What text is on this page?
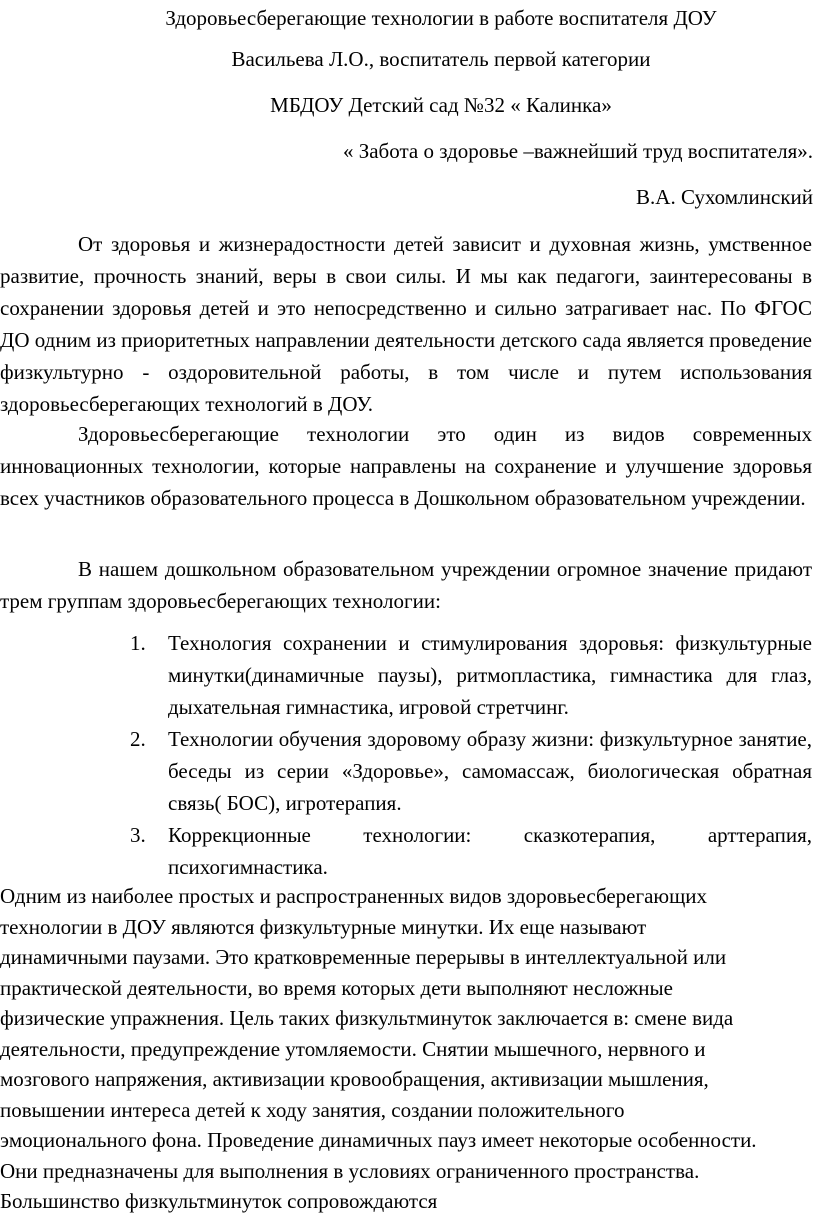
Здоровьесберегающие технологии в работе воспитателя ДОУ
Васильева Л.О., воспитатель первой категории
МБДОУ Детский сад №32 « Калинка»
« Забота о здоровье –важнейший труд воспитателя».
В.А. Сухомлинский

От здоровья и жизнерадостности детей зависит и духовная жизнь, умственное развитие, прочность знаний, веры в свои силы. И мы как педагоги, заинтересованы в сохранении здоровья детей и это непосредственно и сильно затрагивает нас. По ФГОС ДО одним из приоритетных направлении деятельности детского сада является проведение физкультурно - оздоровительной работы, в том числе и путем использования здоровьесберегающих технологий в ДОУ.

Здоровьесберегающие технологии это один из видов современных инновационных технологии, которые направлены на сохранение и улучшение здоровья всех участников образовательного процесса в Дошкольном образовательном учреждении.

В нашем дошкольном образовательном учреждении огромное значение придают трем группам здоровьесберегающих технологии:

1. Технология сохранении и стимулирования здоровья: физкультурные минутки(динамичные паузы), ритмопластика, гимнастика для глаз, дыхательная гимнастика, игровой стретчинг.
2. Технологии обучения здоровому образу жизни: физкультурное занятие, беседы из серии «Здоровье», самомассаж, биологическая обратная связь( БОС), игротерапия.
3. Коррекционные технологии: сказкотерапия, арттерапия, психогимнастика.

Одним из наиболее простых и распространенных видов здоровьесберегающих

технологии в ДОУ являются физкультурные минутки. Их еще называют

динамичными паузами. Это кратковременные перерывы в интеллектуальной или

практической деятельности, во время которых дети выполняют несложные

физические упражнения. Цель таких физкультминуток заключается в: смене вида

деятельности, предупреждение утомляемости. Снятии мышечного, нервного и

мозгового напряжения, активизации кровообращения, активизации мышления,

повышении интереса детей к ходу занятия, создании положительного

эмоционального фона. Проведение динамичных пауз имеет некоторые особенности.

Они предназначены для выполнения в условиях ограниченного пространства.

Большинство физкультминуток сопровождаются
